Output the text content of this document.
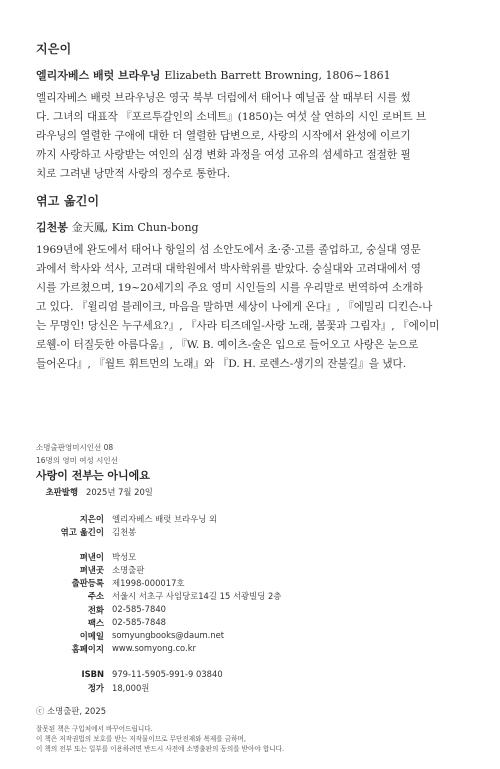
지은이

엘리자베스 배럿 브라우닝 Elizabeth Barrett Browning, 1806~1861

엘리자베스 배럿 브라우닝은 영국 북부 더럼에서 태어나 예닐곱 살 때부터 시를 썼
다. 그녀의 대표작 『포르투갈인의 소네트』(1850)는 여섯 살 연하의 시인 로버트 브
라우닝의 열렬한 구애에 대한 더 열렬한 답변으로, 사랑의 시작에서 완성에 이르기
까지 사랑하고 사랑받는 여인의 심경 변화 과정을 여성 고유의 섬세하고 절절한 필
치로 그려낸 낭만적 사랑의 정수로 통한다.

엮고 옮긴이

김천봉 金天鳳, Kim Chun-bong

1969년에 완도에서 태어나 항일의 섬 소안도에서 초·중·고를 졸업하고, 숭실대 영문
과에서 학사와 석사, 고려대 대학원에서 박사학위를 받았다. 숭실대와 고려대에서 영
시를 가르쳤으며, 19~20세기의 주요 영미 시인들의 시를 우리말로 번역하여 소개하
고 있다. 『윌리엄 블레이크, 마음을 말하면 세상이 나에게 온다』, 『에밀리 디킨슨-나
는 무명인! 당신은 누구세요?』, 『사라 티즈데일-사랑 노래, 봄꽃과 그림자』, 『에이미
로웰-이 터질듯한 아름다움』, 『W. B. 예이츠-술은 입으로 들어오고 사랑은 눈으로
들어온다』, 『월트 휘트먼의 노래』와 『D. H. 로렌스-생기의 잔불길』을 냈다.
소명출판영미시인선 08
16명의 영미 여성 시인선
사랑이 전부는 아니에요
초판발행 2025년 7월 20일
지은이 엘리자베스 배럿 브라우닝 외
엮고 옮긴이 김천봉
펴낸이 박성모
펴낸곳 소명출판
출판등록 제1998-000017호
주소 서울시 서초구 사임당로14길 15 서광빌딩 2층
전화 02-585-7840
팩스 02-585-7848
이메일 somyungbooks@daum.net
홈페이지 www.somyong.co.kr
ISBN 979-11-5905-991-9 03840
정가 18,000원
ⓒ 소명출판, 2025
잘못된 책은 구입처에서 바꾸어드립니다.
이 책은 저작권법의 보호를 받는 저작물이므로 무단전재와 복제를 금하며,
이 책의 전부 또는 일부를 이용하려면 반드시 사전에 소명출판의 동의를 받아야 합니다.
